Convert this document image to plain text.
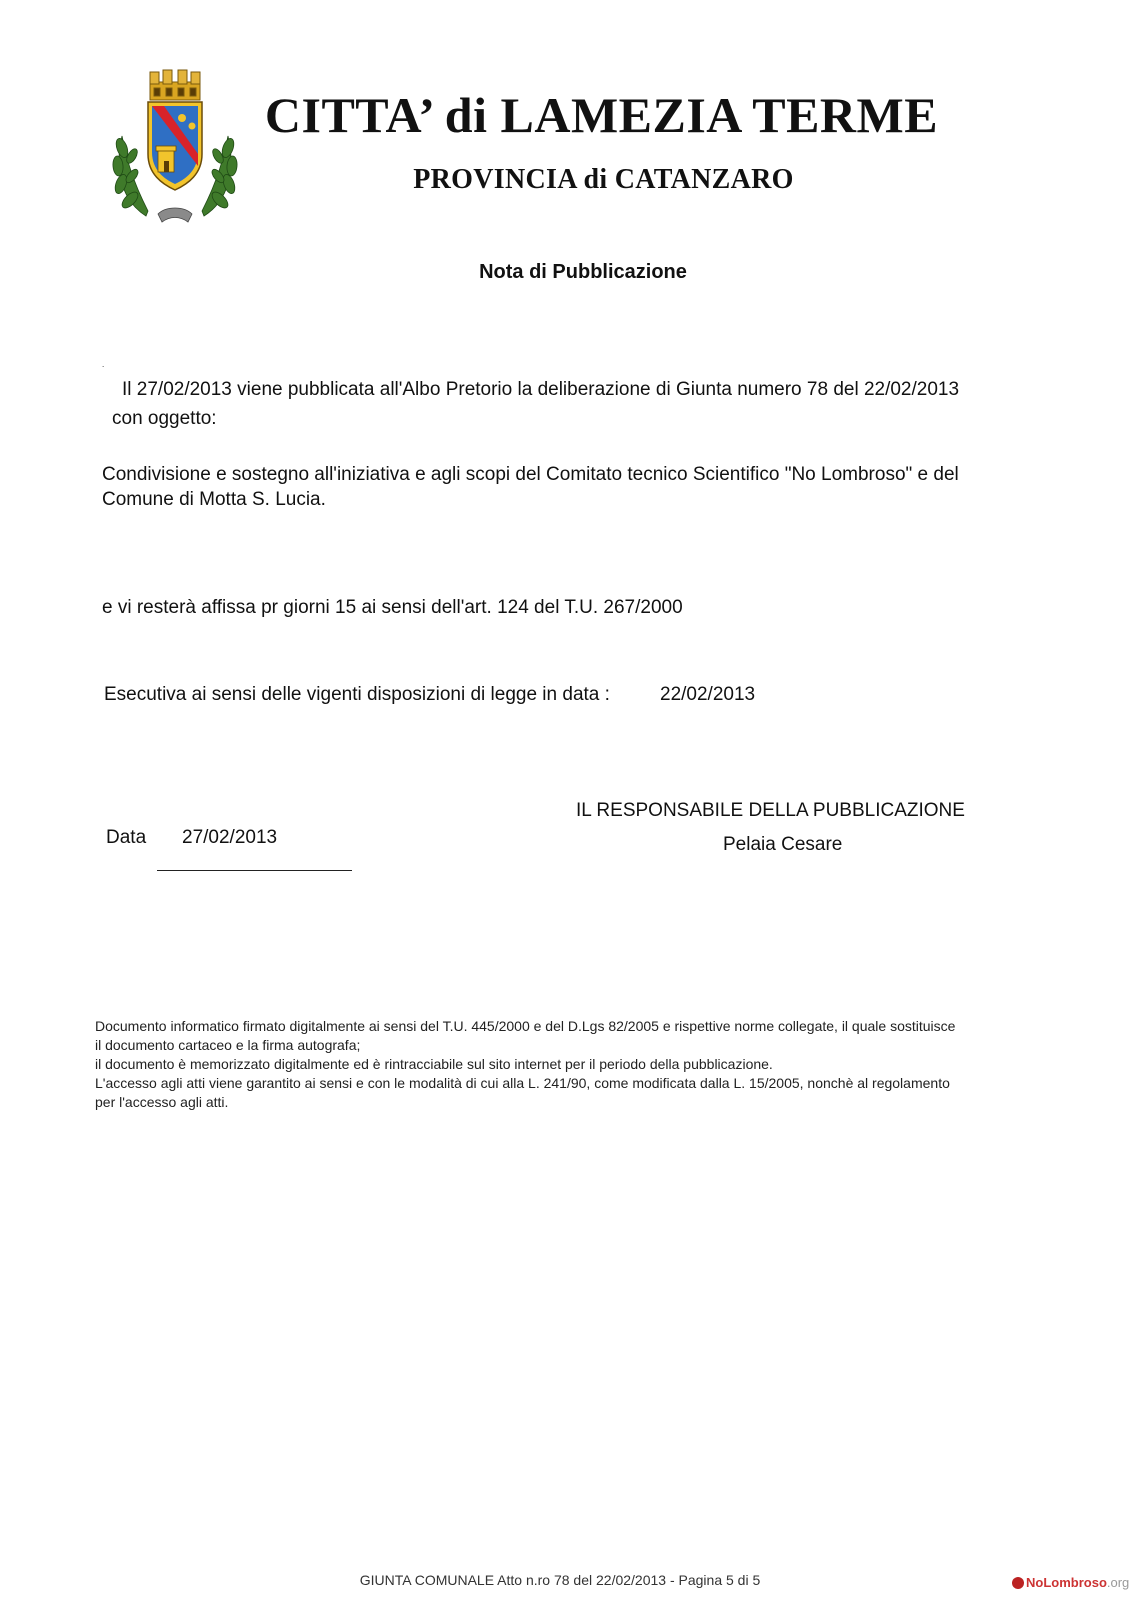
CITTA’ di LAMEZIA TERME
PROVINCIA di CATANZARO
Nota di Pubblicazione
.
Il 27/02/2013 viene pubblicata all'Albo Pretorio la deliberazione di Giunta numero 78 del 22/02/2013
con oggetto:
Condivisione e sostegno all'iniziativa e agli scopi del Comitato tecnico Scientifico "No Lombroso" e del
Comune di Motta S. Lucia.
e vi resterà affissa pr giorni 15 ai sensi dell'art. 124 del T.U. 267/2000
Esecutiva ai sensi delle vigenti disposizioni di legge in data :	22/02/2013
IL RESPONSABILE DELLA PUBBLICAZIONE
Pelaia Cesare
Data 27/02/2013
Documento informatico firmato digitalmente ai sensi del T.U. 445/2000 e del D.Lgs 82/2005 e rispettive norme collegate, il quale sostituisce
il documento cartaceo e la firma autografa;
il documento è memorizzato digitalmente ed è rintracciabile sul sito internet per il periodo della pubblicazione.
L'accesso agli atti viene garantito ai sensi e con le modalità di cui alla L. 241/90, come modificata dalla L. 15/2005, nonchè al regolamento
per l'accesso agli atti.
GIUNTA COMUNALE Atto n.ro 78 del 22/02/2013 - Pagina 5 di 5	NoLombroso.org
